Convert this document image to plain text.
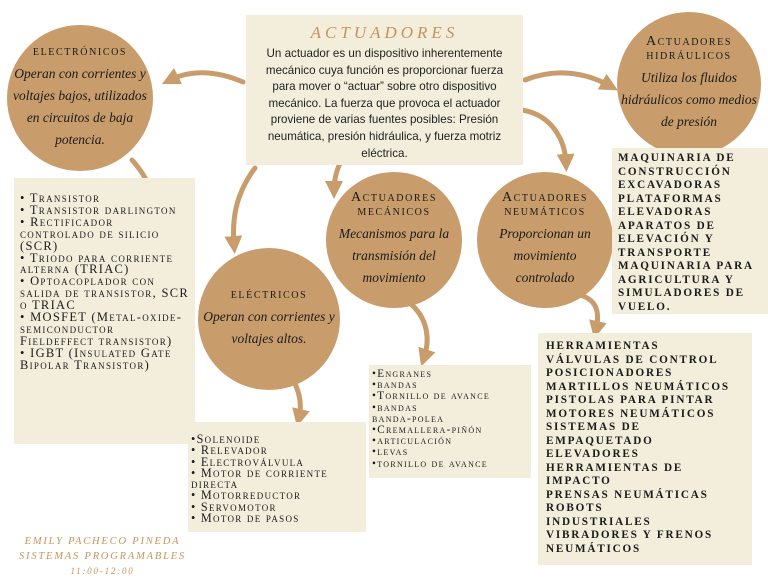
ACTUADORES
Un actuador es un dispositivo inherentemente mecánico cuya función es proporcionar fuerza para mover o “actuar” sobre otro dispositivo mecánico. La fuerza que provoca el actuador proviene de varias fuentes posibles: Presión neumática, presión hidráulica, y fuerza motriz eléctrica.
electrónicos
Operan con corrientes y voltajes bajos, utilizados en circuitos de baja potencia.
• Transistor
• Transistor darlington
• Rectificador controlado de silicio (SCR)
• Triodo para corriente alterna (TRIAC)
• Optoacoplador con salida de transistor, SCR o TRIAC
• MOSFET (Metal-oxide-semiconductor Fieldeffect transistor)
• IGBT (Insulated Gate Bipolar Transistor)
eléctricos
Operan con corrientes y voltajes altos.
•Solenoide
• Relevador
• Electroválvula
• Motor de corriente directa
• Motorreductor
• Servomotor
• Motor de pasos
Actuadores mecánicos
Mecanismos para la transmisión del movimiento
•Engranes
•bandas
•Tornillo de avance
•bandas
banda-polea
•Cremallera-piñón
•articulación
•levas
•tornillo de avance
Actuadores neumáticos
Proporcionan un movimiento controlado
HERRAMIENTAS
VÁLVULAS DE CONTROL
POSICIONADORES
MARTILLOS NEUMÁTICOS
PISTOLAS PARA PINTAR
MOTORES NEUMÁTICOS
SISTEMAS DE
EMPAQUETADO
ELEVADORES
HERRAMIENTAS DE
IMPACTO
PRENSAS NEUMÁTICAS
ROBOTS
INDUSTRIALES
VIBRADORES Y FRENOS
NEUMÁTICOS
Actuadores hidráulicos
Utiliza los fluidos hidráulicos como medios de presión
MAQUINARIA DE
CONSTRUCCIÓN
EXCAVADORAS
PLATAFORMAS
ELEVADORAS
APARATOS DE
ELEVACIÓN Y
TRANSPORTE
MAQUINARIA PARA
AGRICULTURA Y
SIMULADORES DE
VUELO.
EMILY PACHECO PINEDA
SISTEMAS PROGRAMABLES
11:00-12:00
